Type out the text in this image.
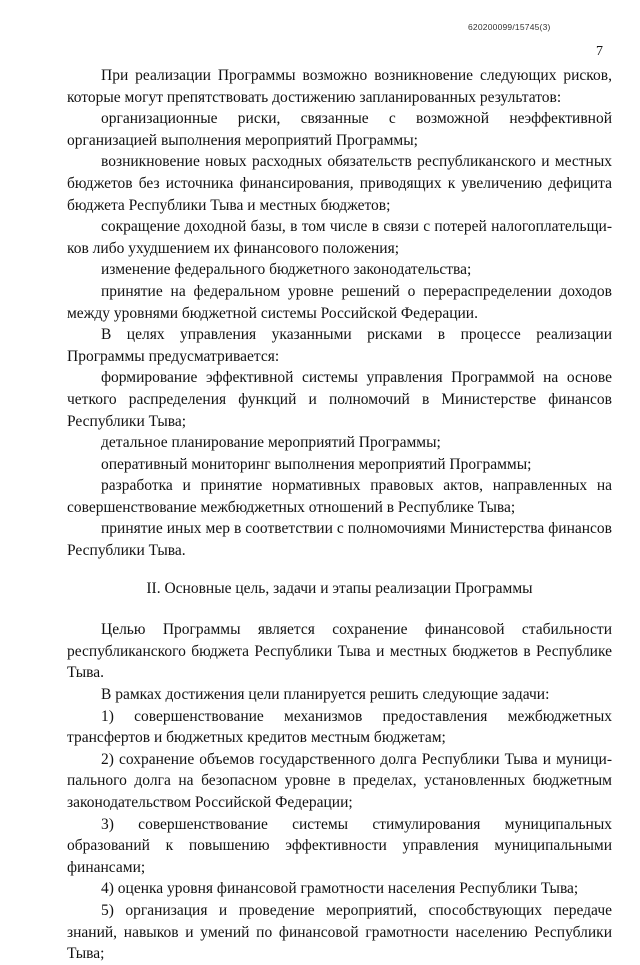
620200099/15745(3)
7

При реализации Программы возможно возникновение следующих рисков, которые могут препятствовать достижению запланированных результатов:

организационные риски, связанные с возможной неэффективной организацией выполнения мероприятий Программы;

возникновение новых расходных обязательств республиканского и местных бюджетов без источника финансирования, приводящих к увеличению дефицита бюджета Республики Тыва и местных бюджетов;

сокращение доходной базы, в том числе в связи с потерей налогоплательщиков либо ухудшением их финансового положения;

изменение федерального бюджетного законодательства;

принятие на федеральном уровне решений о перераспределении доходов между уровнями бюджетной системы Российской Федерации.

В целях управления указанными рисками в процессе реализации Программы предусматривается:

формирование эффективной системы управления Программой на основе четкого распределения функций и полномочий в Министерстве финансов Республики Тыва;

детальное планирование мероприятий Программы;

оперативный мониторинг выполнения мероприятий Программы;

разработка и принятие нормативных правовых актов, направленных на совершенствование межбюджетных отношений в Республике Тыва;

принятие иных мер в соответствии с полномочиями Министерства финансов Республики Тыва.

II. Основные цель, задачи и этапы реализации Программы

Целью Программы является сохранение финансовой стабильности республиканского бюджета Республики Тыва и местных бюджетов в Республике Тыва.

В рамках достижения цели планируется решить следующие задачи:

1) совершенствование механизмов предоставления межбюджетных трансфертов и бюджетных кредитов местным бюджетам;

2) сохранение объемов государственного долга Республики Тыва и муниципального долга на безопасном уровне в пределах, установленных бюджетным законодательством Российской Федерации;

3) совершенствование системы стимулирования муниципальных образований к повышению эффективности управления муниципальными финансами;

4) оценка уровня финансовой грамотности населения Республики Тыва;

5) организация и проведение мероприятий, способствующих передаче знаний, навыков и умений по финансовой грамотности населению Республики Тыва;
